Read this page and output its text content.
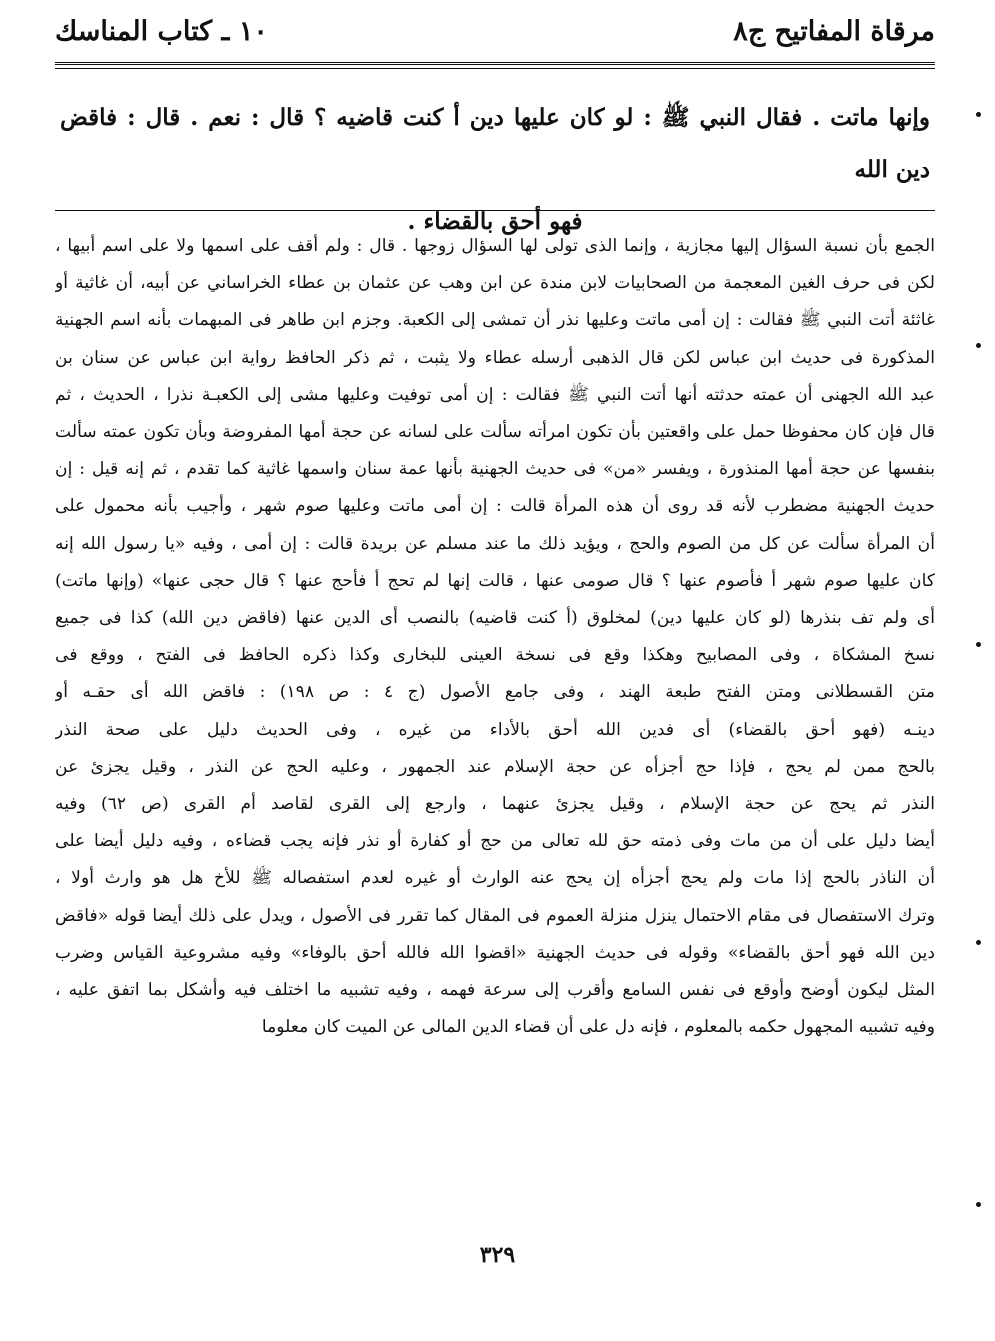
مرقاة المفاتيح ج٨
١٠ ـ كتاب المناسك

وإنها ماتت . فقال النبي ﷺ : لو كان عليها دين أ كنت قاضيه ؟ قال : نعم . قال : فاقض دين الله

فهو أحق بالقضاء .

الجمع بأن نسبة السؤال إليها مجازية ، وإنما الذى تولى لها السؤال زوجها . قال : ولم أقف على اسمها ولا على اسم أبيها ،

لكن فى حرف الغين المعجمة من الصحابيات لابن مندة عن ابن وهب عن عثمان بن عطاء الخراساني عن أبيه، أن غاثية أو

غاثئة أتت النبي ﷺ فقالت : إن أمى ماتت وعليها نذر أن تمشى إلى الكعبة. وجزم ابن طاهر فى المبهمات بأنه اسم الجهنية

المذكورة فى حديث ابن عباس لكن قال الذهبى أرسله عطاء ولا يثبت ، ثم ذكر الحافظ رواية ابن عباس عن سنان بن

عبد الله الجهنى أن عمته حدثته أنها أتت النبي ﷺ فقالت : إن أمى توفيت وعليها مشى إلى الكعبـة نذرا ، الحديث ، ثم

قال فإن كان محفوظا حمل على واقعتين بأن تكون امرأته سألت على لسانه عن حجة أمها المفروضة وبأن تكون عمته سألت

بنفسها عن حجة أمها المنذورة ، ويفسر «من» فى حديث الجهنية بأنها عمة سنان واسمها غاثية كما تقدم ، ثم إنه قيل : إن

حديث الجهنية مضطرب لأنه قد روى أن هذه المرأة قالت : إن أمى ماتت وعليها صوم شهر ، وأجيب بأنه محمول على

أن المرأة سألت عن كل من الصوم والحج ، ويؤيد ذلك ما عند مسلم عن بريدة قالت : إن أمى ، وفيه «يا رسول الله إنه

كان عليها صوم شهر أ فأصوم عنها ؟ قال صومى عنها ، قالت إنها لم تحج أ فأحج عنها ؟ قال حجى عنها» (وإنها ماتت)

أى ولم تف بنذرها (لو كان عليها دين) لمخلوق (أ كنت قاضيه) بالنصب أى الدين عنها (فاقض دين الله) كذا فى جميع

نسخ المشكاة ، وفى المصابيح وهكذا وقع فى نسخة العينى للبخارى وكذا ذكره الحافظ فى الفتح ، ووقع فى

متن القسطلانى ومتن الفتح طبعة الهند ، وفى جامع الأصول (ج ٤ : ص ١٩٨) : فاقض الله أى حقـه أو

دينـه (فهو أحق بالقضاء) أى فدين الله أحق بالأداء من غيره ، وفى الحديث دليل على صحة النذر

بالحج ممن لم يحج ، فإذا حج أجزأه عن حجة الإسلام عند الجمهور ، وعليه الحج عن النذر ، وقيل يجزئ عن

النذر ثم يحج عن حجة الإسلام ، وقيل يجزئ عنهما ، وارجع إلى القرى لقاصد أم القرى (ص ٦٢) وفيه

أيضا دليل على أن من مات وفى ذمته حق لله تعالى من حج أو كفارة أو نذر فإنه يجب قضاءه ، وفيه دليل أيضا على

أن الناذر بالحج إذا مات ولم يحج أجزأه إن يحج عنه الوارث أو غيره لعدم استفصاله ﷺ للأخ هل هو وارث أولا ،

وترك الاستفصال فى مقام الاحتمال ينزل منزلة العموم فى المقال كما تقرر فى الأصول ، ويدل على ذلك أيضا قوله «فاقض

دين الله فهو أحق بالقضاء» وقوله فى حديث الجهنية «اقضوا الله فالله أحق بالوفاء» وفيه مشروعية القياس وضرب

المثل ليكون أوضح وأوقع فى نفس السامع وأقرب إلى سرعة فهمه ، وفيه تشبيه ما اختلف فيه وأشكل بما اتفق عليه ،

وفيه تشبيه المجهول حكمه بالمعلوم ، فإنه دل على أن قضاء الدين المالى عن الميت كان معلوما

٣٢٩
